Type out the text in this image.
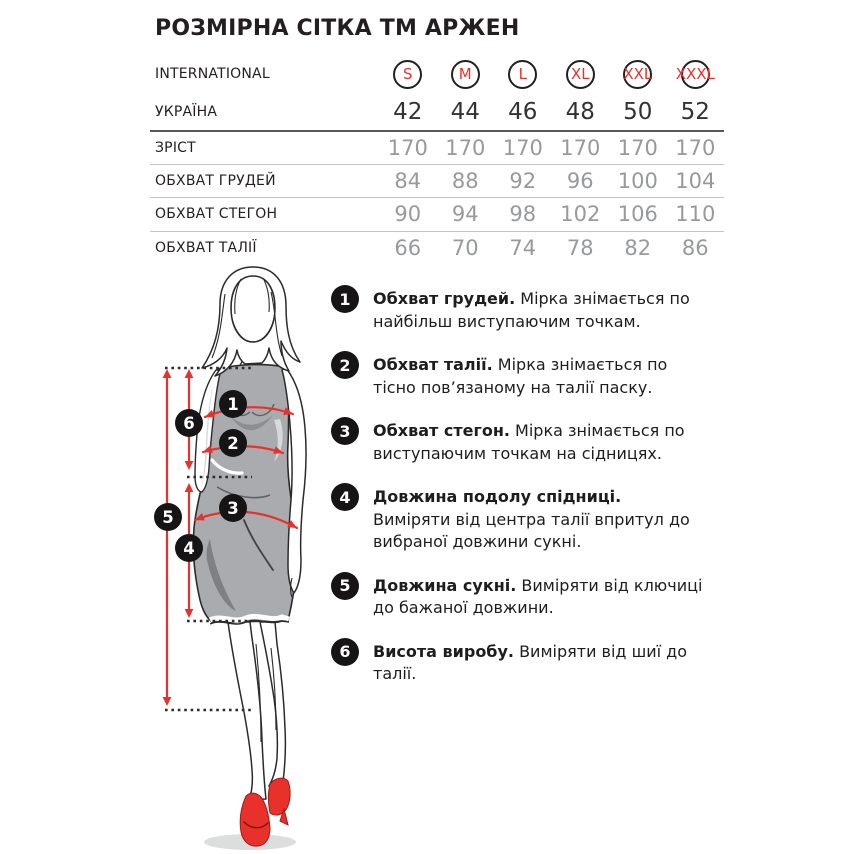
РОЗМІРНА СІТКА ТМ АРЖЕН
INTERNATIONAL	S	M	L	XL XXL XXXL
УКРАЇНА	42	44	46	48	50	52
ЗРІСТ	170 170 170 170 170 170
ОБХВАТ ГРУДЕЙ	84	88	92	96	100 104
ОБХВАТ СТЕГОН	90	94	98	102 106 110
ОБХВАТ ТАЛІЇ	66	70	74	78	82	86
1
2
3
4
5
6
1	Обхват грудей. Мірка знімається по найбільш виступаючим точкам.

2	Обхват талії. Мірка знімається по тісно пов’язаному на талії паску.

3	Обхват стегон. Мірка знімається по виступаючим точкам на сідницях.

4	Довжина подолу спідниці. Виміряти від центра талії впритул до вибраної довжини сукні.

5	Довжина сукні. Виміряти від ключиці до бажаної довжини.

6	Висота виробу. Виміряти від шиї до талії.
